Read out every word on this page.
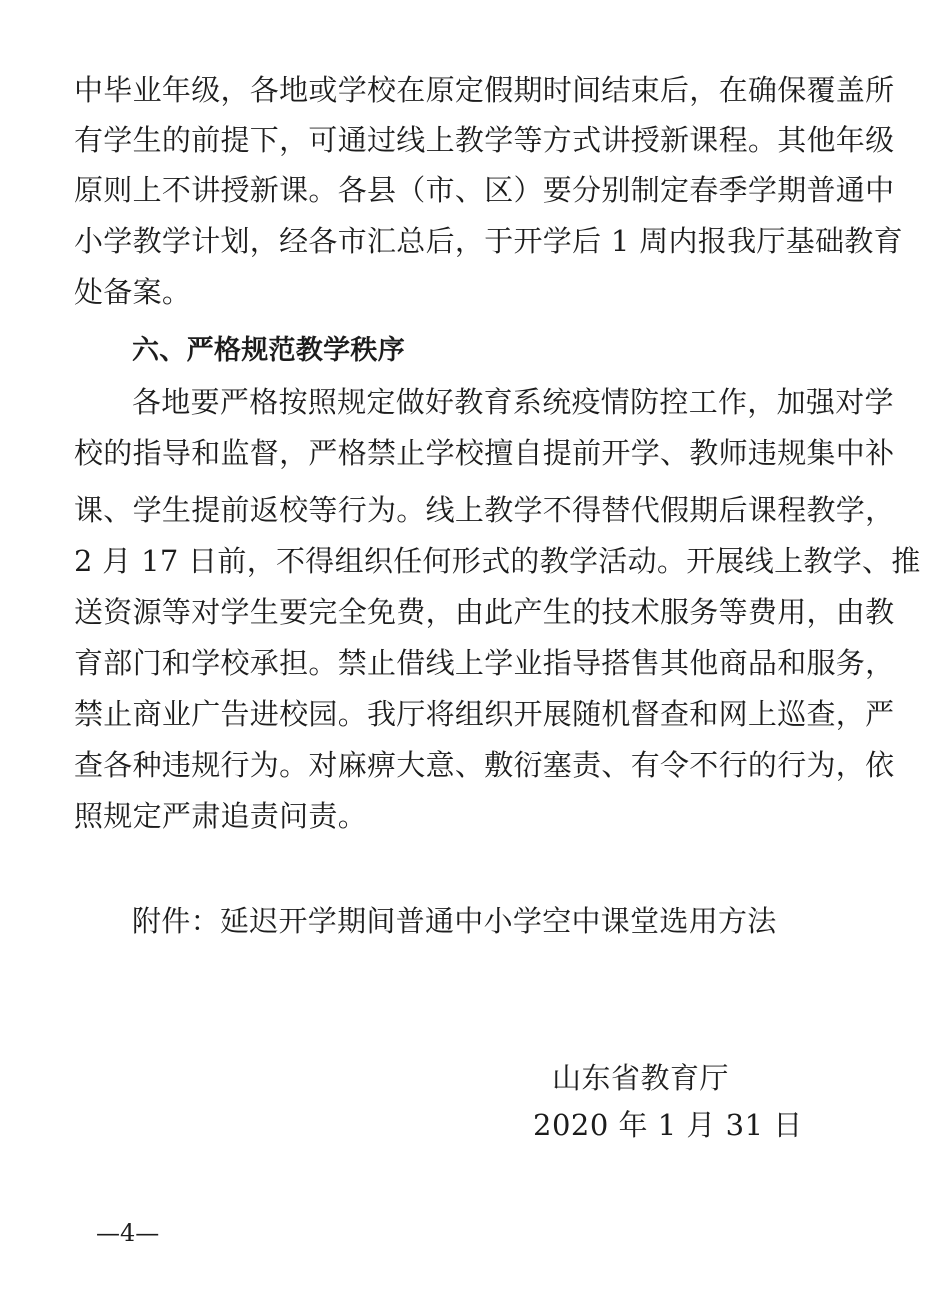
中毕业年级，各地或学校在原定假期时间结束后，在确保覆盖所
有学生的前提下，可通过线上教学等方式讲授新课程。其他年级
原则上不讲授新课。各县（市、区）要分别制定春季学期普通中
小学教学计划，经各市汇总后，于开学后 1 周内报我厅基础教育
处备案。
六、严格规范教学秩序
各地要严格按照规定做好教育系统疫情防控工作，加强对学
校的指导和监督，严格禁止学校擅自提前开学、教师违规集中补
课、学生提前返校等行为。线上教学不得替代假期后课程教学，
2 月 17 日前，不得组织任何形式的教学活动。开展线上教学、推
送资源等对学生要完全免费，由此产生的技术服务等费用，由教
育部门和学校承担。禁止借线上学业指导搭售其他商品和服务，
禁止商业广告进校园。我厅将组织开展随机督查和网上巡查，严
查各种违规行为。对麻痹大意、敷衍塞责、有令不行的行为，依
照规定严肃追责问责。
附件：延迟开学期间普通中小学空中课堂选用方法
山东省教育厅
2020 年 1 月 31 日
—4—
